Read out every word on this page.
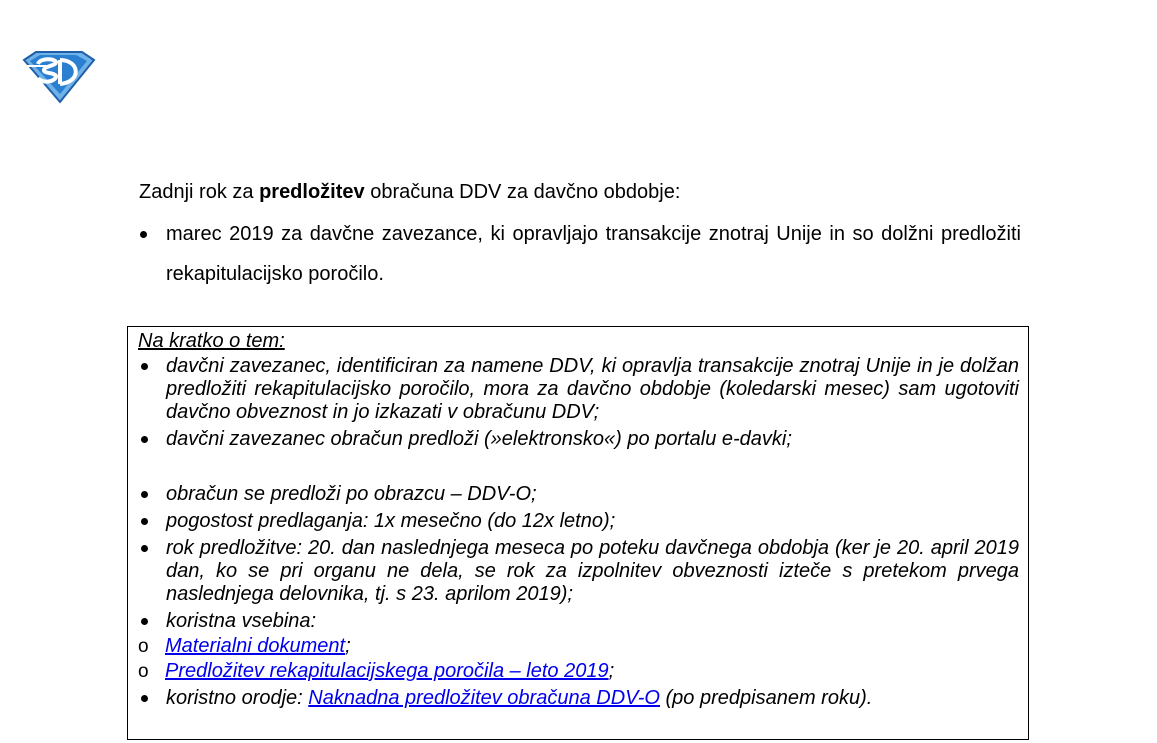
Zadnji rok za predložitev obračuna DDV za davčno obdobje:

marec 2019 za davčne zavezance, ki opravljajo transakcije znotraj Unije in so dolžni predložiti rekapitulacijsko poročilo.

Na kratko o tem:

davčni zavezanec, identificiran za namene DDV, ki opravlja transakcije znotraj Unije in je dolžan predložiti rekapitulacijsko poročilo, mora za davčno obdobje (koledarski mesec) sam ugotoviti davčno obveznost in jo izkazati v obračunu DDV;
davčni zavezanec obračun predloži (»elektronsko«) po portalu e-davki;
obračun se predloži po obrazcu – DDV-O;
pogostost predlaganja: 1x mesečno (do 12x letno);
rok predložitve: 20. dan naslednjega meseca po poteku davčnega obdobja (ker je 20. april 2019 dan, ko se pri organu ne dela, se rok za izpolnitev obveznosti izteče s pretekom prvega naslednjega delovnika, tj. s 23. aprilom 2019);
koristna vsebina:
o Materialni dokument;
o Predložitev rekapitulacijskega poročila – leto 2019;
koristno orodje: Naknadna predložitev obračuna DDV-O (po predpisanem roku).
